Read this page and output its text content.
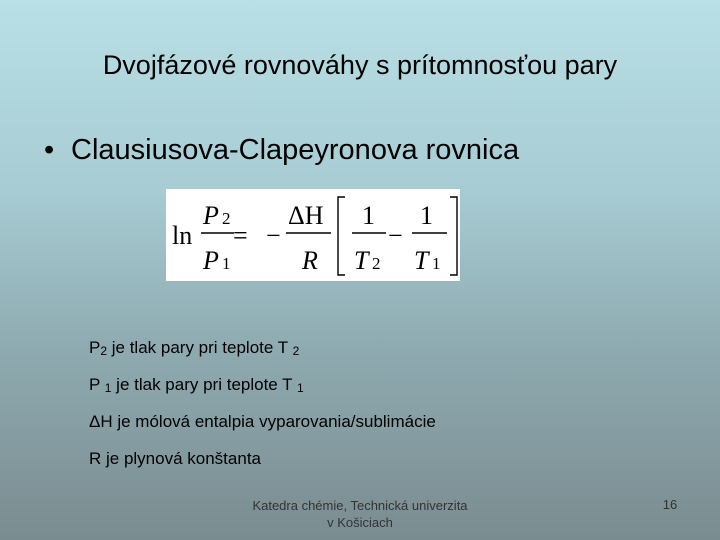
Dvojfázové rovnováhy s prítomnosťou pary
• Clausiusova-Clapeyronova rovnica
ln
P 2
P 1
= −
ΔH
R
1
T 2
−
1
T 1
P 2 je tlak pary pri teplote T 2
P 1 je tlak pary pri teplote T 1
ΔH je mólová entalpia vyparovania/sublimácie
R je plynová konštanta
Katedra chémie, Technická univerzita v Košiciach
16
